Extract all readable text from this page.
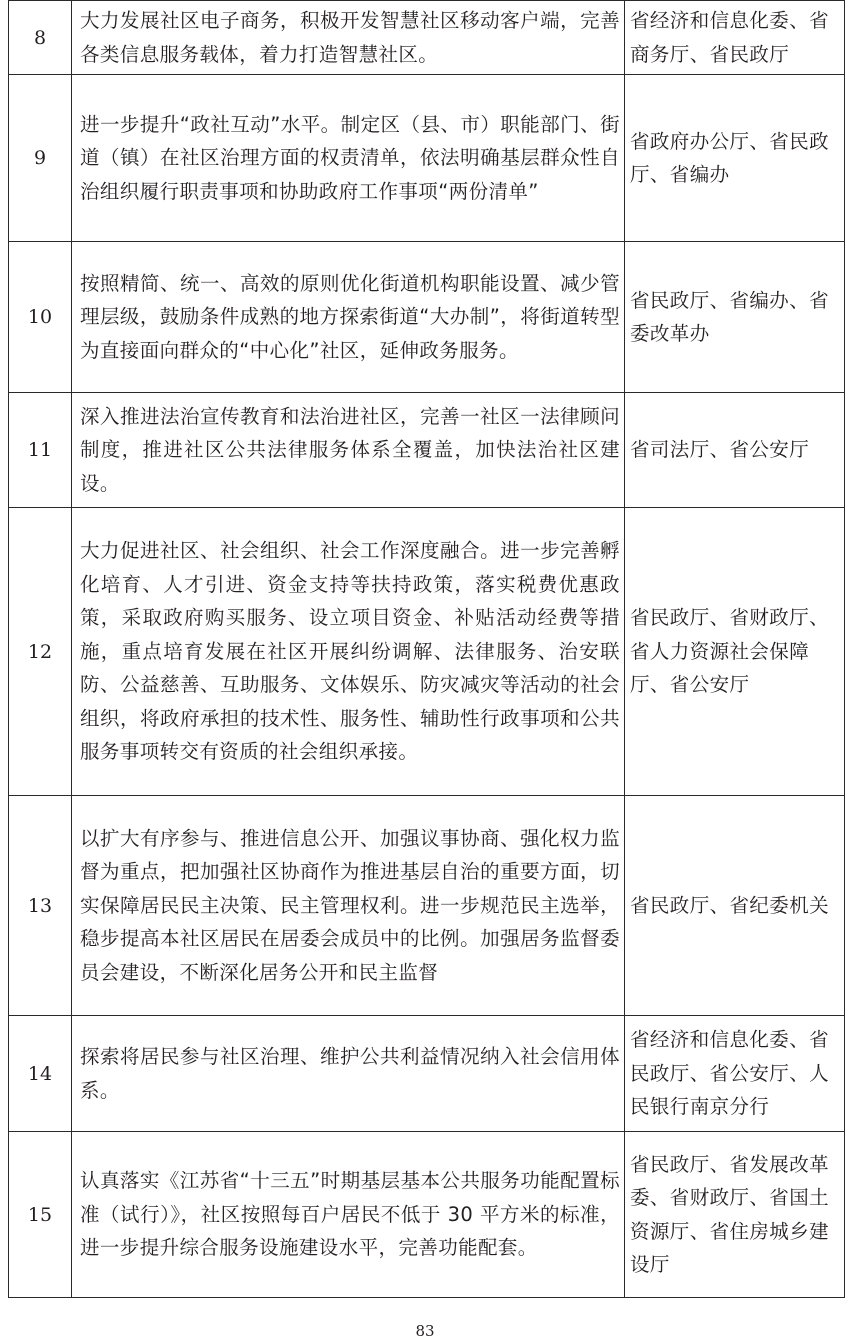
8	大力发展社区电子商务，积极开发智慧社区移动客户端，完善各类信息服务载体，着力打造智慧社区。	省经济和信息化委、省商务厅、省民政厅
9	进一步提升“政社互动”水平。制定区（县、市）职能部门、街道（镇）在社区治理方面的权责清单，依法明确基层群众性自治组织履行职责事项和协助政府工作事项“两份清单”	省政府办公厅、省民政厅、省编办
10	按照精简、统一、高效的原则优化街道机构职能设置、减少管理层级，鼓励条件成熟的地方探索街道“大办制”，将街道转型为直接面向群众的“中心化”社区，延伸政务服务。	省民政厅、省编办、省委改革办
11	深入推进法治宣传教育和法治进社区，完善一社区一法律顾问制度，推进社区公共法律服务体系全覆盖，加快法治社区建设。	省司法厅、省公安厅
12	大力促进社区、社会组织、社会工作深度融合。进一步完善孵化培育、人才引进、资金支持等扶持政策，落实税费优惠政策，采取政府购买服务、设立项目资金、补贴活动经费等措施，重点培育发展在社区开展纠纷调解、法律服务、治安联防、公益慈善、互助服务、文体娱乐、防灾减灾等活动的社会组织，将政府承担的技术性、服务性、辅助性行政事项和公共服务事项转交有资质的社会组织承接。	省民政厅、省财政厅、省人力资源社会保障厅、省公安厅
13	以扩大有序参与、推进信息公开、加强议事协商、强化权力监督为重点，把加强社区协商作为推进基层自治的重要方面，切实保障居民民主决策、民主管理权利。进一步规范民主选举，稳步提高本社区居民在居委会成员中的比例。加强居务监督委员会建设，不断深化居务公开和民主监督	省民政厅、省纪委机关
14	探索将居民参与社区治理、维护公共利益情况纳入社会信用体系。	省经济和信息化委、省民政厅、省公安厅、人民银行南京分行
15	认真落实《江苏省“十三五”时期基层基本公共服务功能配置标准（试行）》，社区按照每百户居民不低于 30 平方米的标准，进一步提升综合服务设施建设水平，完善功能配套。	省民政厅、省发展改革委、省财政厅、省国土资源厅、省住房城乡建设厅
83
